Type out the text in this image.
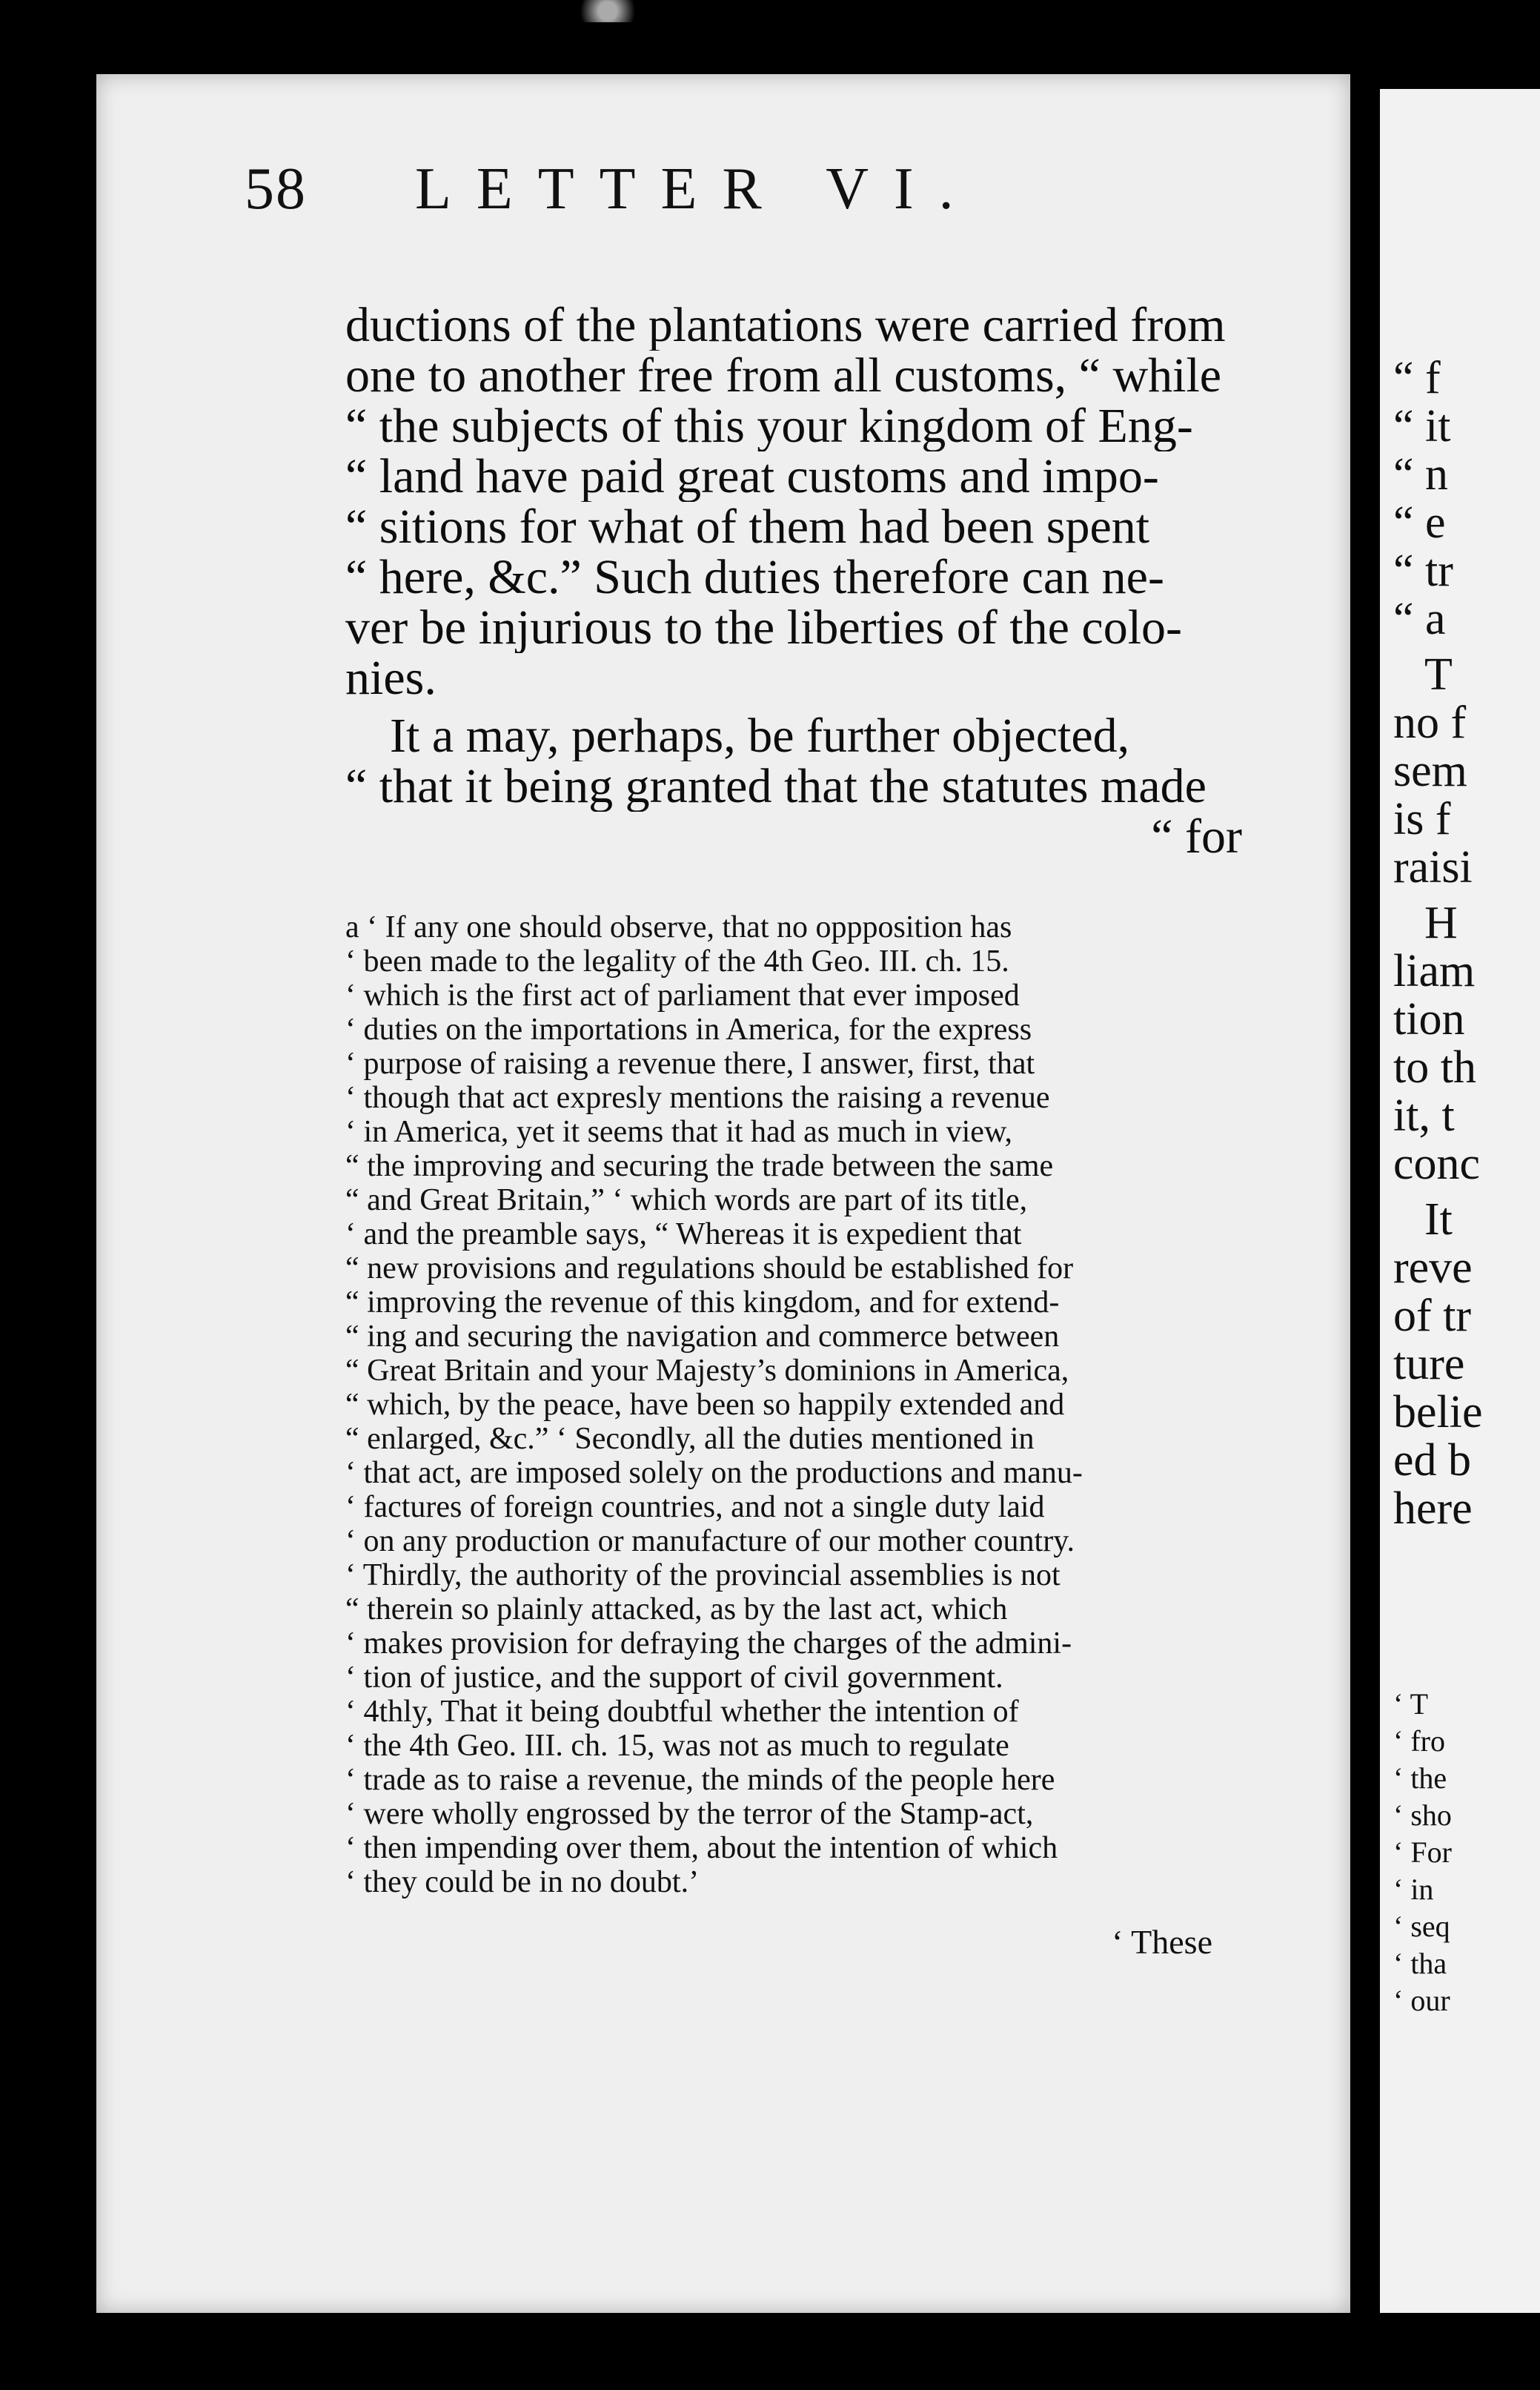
58 LETTER VI.
ductions of the plantations were carried from
one to another free from all customs, “ while
“ the subjects of this your kingdom of Eng-
“ land have paid great customs and impo-
“ sitions for what of them had been spent
“ here, &c.” Such duties therefore can ne-
ver be injurious to the liberties of the colo-
nies.
It a may, perhaps, be further objected,
“ that it being granted that the statutes made
“ for
a ‘ If any one should observe, that no oppposition has
‘ been made to the legality of the 4th Geo. III. ch. 15.
‘ which is the first act of parliament that ever imposed
‘ duties on the importations in America, for the express
‘ purpose of raising a revenue there, I answer, first, that
‘ though that act expresly mentions the raising a revenue
‘ in America, yet it seems that it had as much in view,
“ the improving and securing the trade between the same
“ and Great Britain,” ‘ which words are part of its title,
‘ and the preamble says, “ Whereas it is expedient that
“ new provisions and regulations should be established for
“ improving the revenue of this kingdom, and for extend-
“ ing and securing the navigation and commerce between
“ Great Britain and your Majesty’s dominions in America,
“ which, by the peace, have been so happily extended and
“ enlarged, &c.” ‘ Secondly, all the duties mentioned in
‘ that act, are imposed solely on the productions and manu-
‘ factures of foreign countries, and not a single duty laid
‘ on any production or manufacture of our mother country.
‘ Thirdly, the authority of the provincial assemblies is not
“ therein so plainly attacked, as by the last act, which
‘ makes provision for defraying the charges of the admini-
‘ tion of justice, and the support of civil government.
‘ 4thly, That it being doubtful whether the intention of
‘ the 4th Geo. III. ch. 15, was not as much to regulate
‘ trade as to raise a revenue, the minds of the people here
‘ were wholly engrossed by the terror of the Stamp-act,
‘ then impending over them, about the intention of which
‘ they could be in no doubt.’
‘ These
“ f
“ it
“ n
“ e
“ tr
“ a
T
no f
sem
is f
raisi
H
liam
tion
to th
it, t
conc
It
reve
of tr
ture
belie
ed b
here
‘ T
‘ fro
‘ the
‘ sho
‘ For
‘ in
‘ seq
‘ tha
‘ our
